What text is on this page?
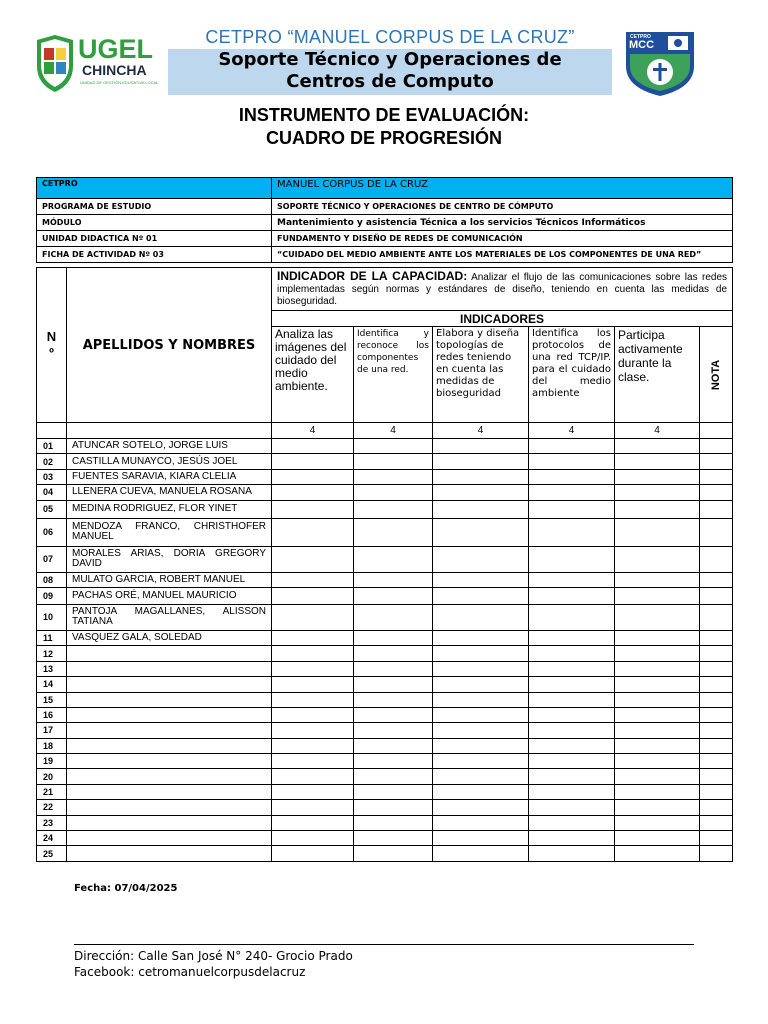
UGEL
CHINCHA
UNIDAD DE GESTIÓN EDUCATIVA LOCAL
CETPRO
MCC
CETPRO “MANUEL CORPUS DE LA CRUZ”
Soporte Técnico y Operaciones de
Centros de Computo
INSTRUMENTO DE EVALUACIÓN:
CUADRO DE PROGRESIÓN
CETPRO	MANUEL CORPUS DE LA CRUZ
PROGRAMA DE ESTUDIO	SOPORTE TÉCNICO Y OPERACIONES DE CENTRO DE CÓMPUTO
MÓDULO	Mantenimiento y asistencia Técnica a los servicios Técnicos Informáticos
UNIDAD DIDACTICA Nº 01	FUNDAMENTO Y DISEÑO DE REDES DE COMUNICACIÓN
FICHA DE ACTIVIDAD Nº 03	“CUIDADO DEL MEDIO AMBIENTE ANTE LOS MATERIALES DE LOS COMPONENTES DE UNA RED”
N
º	APELLIDOS Y NOMBRES	INDICADOR DE LA CAPACIDAD: Analizar el flujo de las comunicaciones sobre las redes implementadas según normas y estándares de diseño, teniendo en cuenta las medidas de bioseguridad.					
		INDICADORES					
		Analiza las imágenes del cuidado del medio ambiente.	Identifica y reconoce los componentes de una red.	Elabora y diseña topologías de redes teniendo en cuenta las medidas de bioseguridad	Identifica los protocolos de una red TCP/IP. para el cuidado del medio ambiente	Participa activamente durante la clase.	NOTA
		4	4	4	4	4	
01	ATUNCAR SOTELO, JORGE LUIS						
02	CASTILLA MUNAYCO, JESÚS JOEL						
03	FUENTES SARAVIA, KIARA CLELIA						
04	LLENERA CUEVA, MANUELA ROSANA						
05	MEDINA RODRIGUEZ, FLOR YINET						
06	MENDOZA FRANCO, CHRISTHOFER MANUEL						
07	MORALES ARIAS, DORIA GREGORY DAVID						
08	MULATO GARCIA, ROBERT MANUEL						
09	PACHAS ORÉ, MANUEL MAURICIO						
10	PANTOJA MAGALLANES, ALISSON TATIANA						
11	VASQUEZ GALA, SOLEDAD						
12							
13							
14							
15							
16							
17							
18							
19							
20							
21							
22							
23							
24							
25							
Fecha: 07/04/2025
Dirección: Calle San José N° 240- Grocio Prado
Facebook: cetromanuelcorpusdelacruz
